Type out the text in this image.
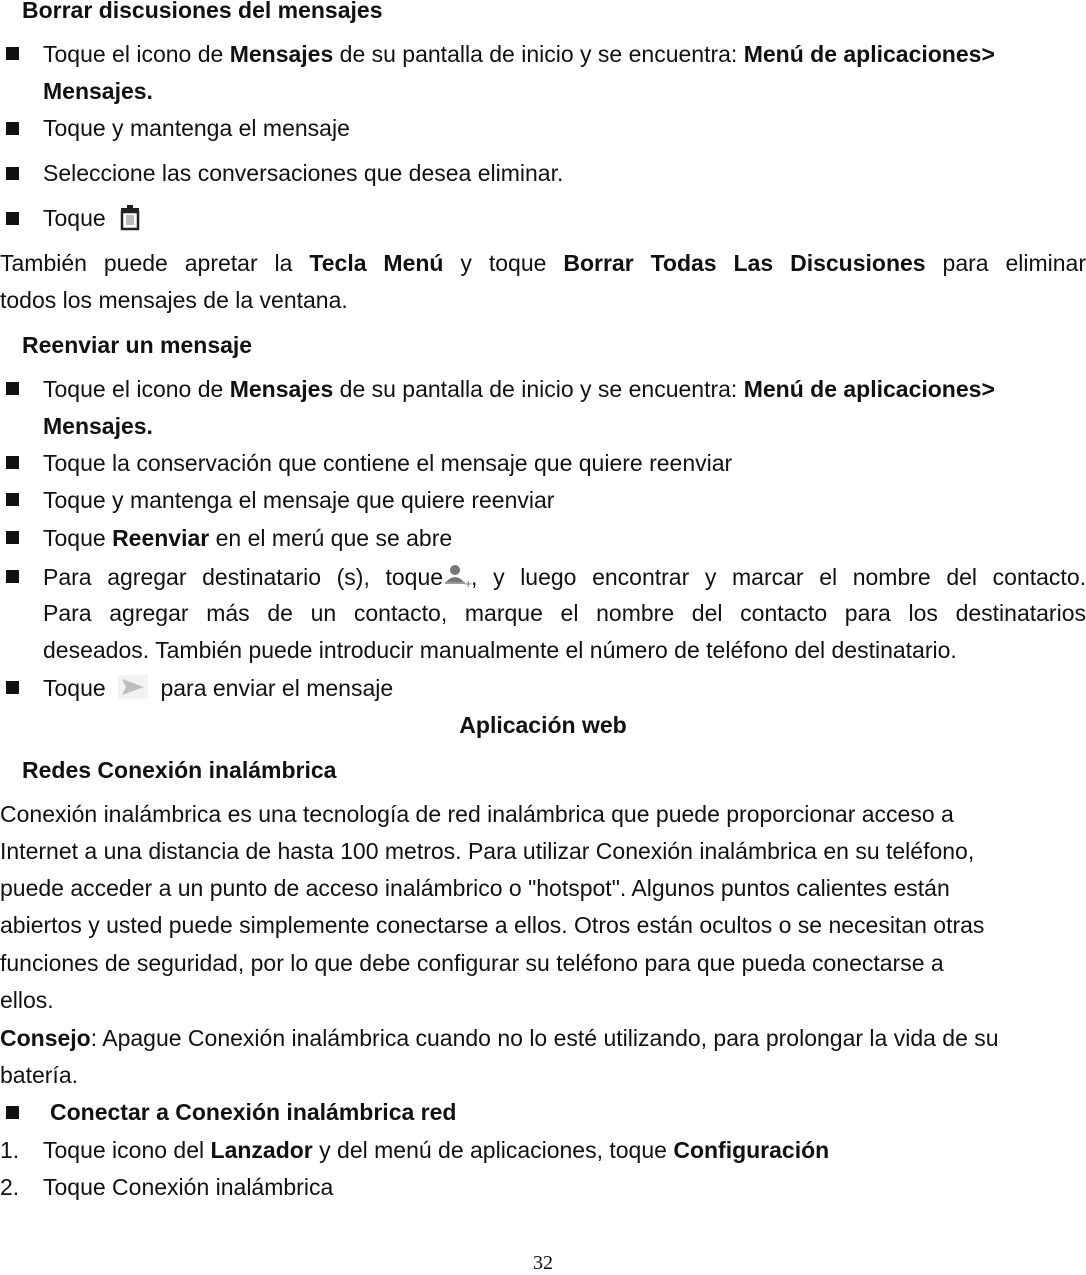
Borrar discusiones del mensajes
Toque el icono de Mensajes de su pantalla de inicio y se encuentra: Menú de aplicaciones>
Mensajes.
Toque y mantenga el mensaje
Seleccione las conversaciones que desea eliminar.
Toque
También puede apretar la Tecla Menú y toque Borrar Todas Las Discusiones para eliminar
todos los mensajes de la ventana.
Reenviar un mensaje
Toque el icono de Mensajes de su pantalla de inicio y se encuentra: Menú de aplicaciones>
Mensajes.
Toque la conservación que contiene el mensaje que quiere reenviar
Toque y mantenga el mensaje que quiere reenviar
Toque Reenviar en el merú que se abre
Para agregar destinatario (s), toque +
, y luego encontrar y marcar el nombre del contacto.
Para agregar más de un contacto, marque el nombre del contacto para los destinatarios
deseados. También puede introducir manualmente el número de teléfono del destinatario.
Toque para enviar el mensaje
Aplicación web
Redes Conexión inalámbrica
Conexión inalámbrica es una tecnología de red inalámbrica que puede proporcionar acceso a
Internet a una distancia de hasta 100 metros. Para utilizar Conexión inalámbrica en su teléfono,
puede acceder a un punto de acceso inalámbrico o "hotspot". Algunos puntos calientes están
abiertos y usted puede simplemente conectarse a ellos. Otros están ocultos o se necesitan otras
funciones de seguridad, por lo que debe configurar su teléfono para que pueda conectarse a
ellos.
Consejo: Apague Conexión inalámbrica cuando no lo esté utilizando, para prolongar la vida de su
batería.
Conectar a Conexión inalámbrica red
1. Toque icono del Lanzador y del menú de aplicaciones, toque Configuración
2. Toque Conexión inalámbrica
32
